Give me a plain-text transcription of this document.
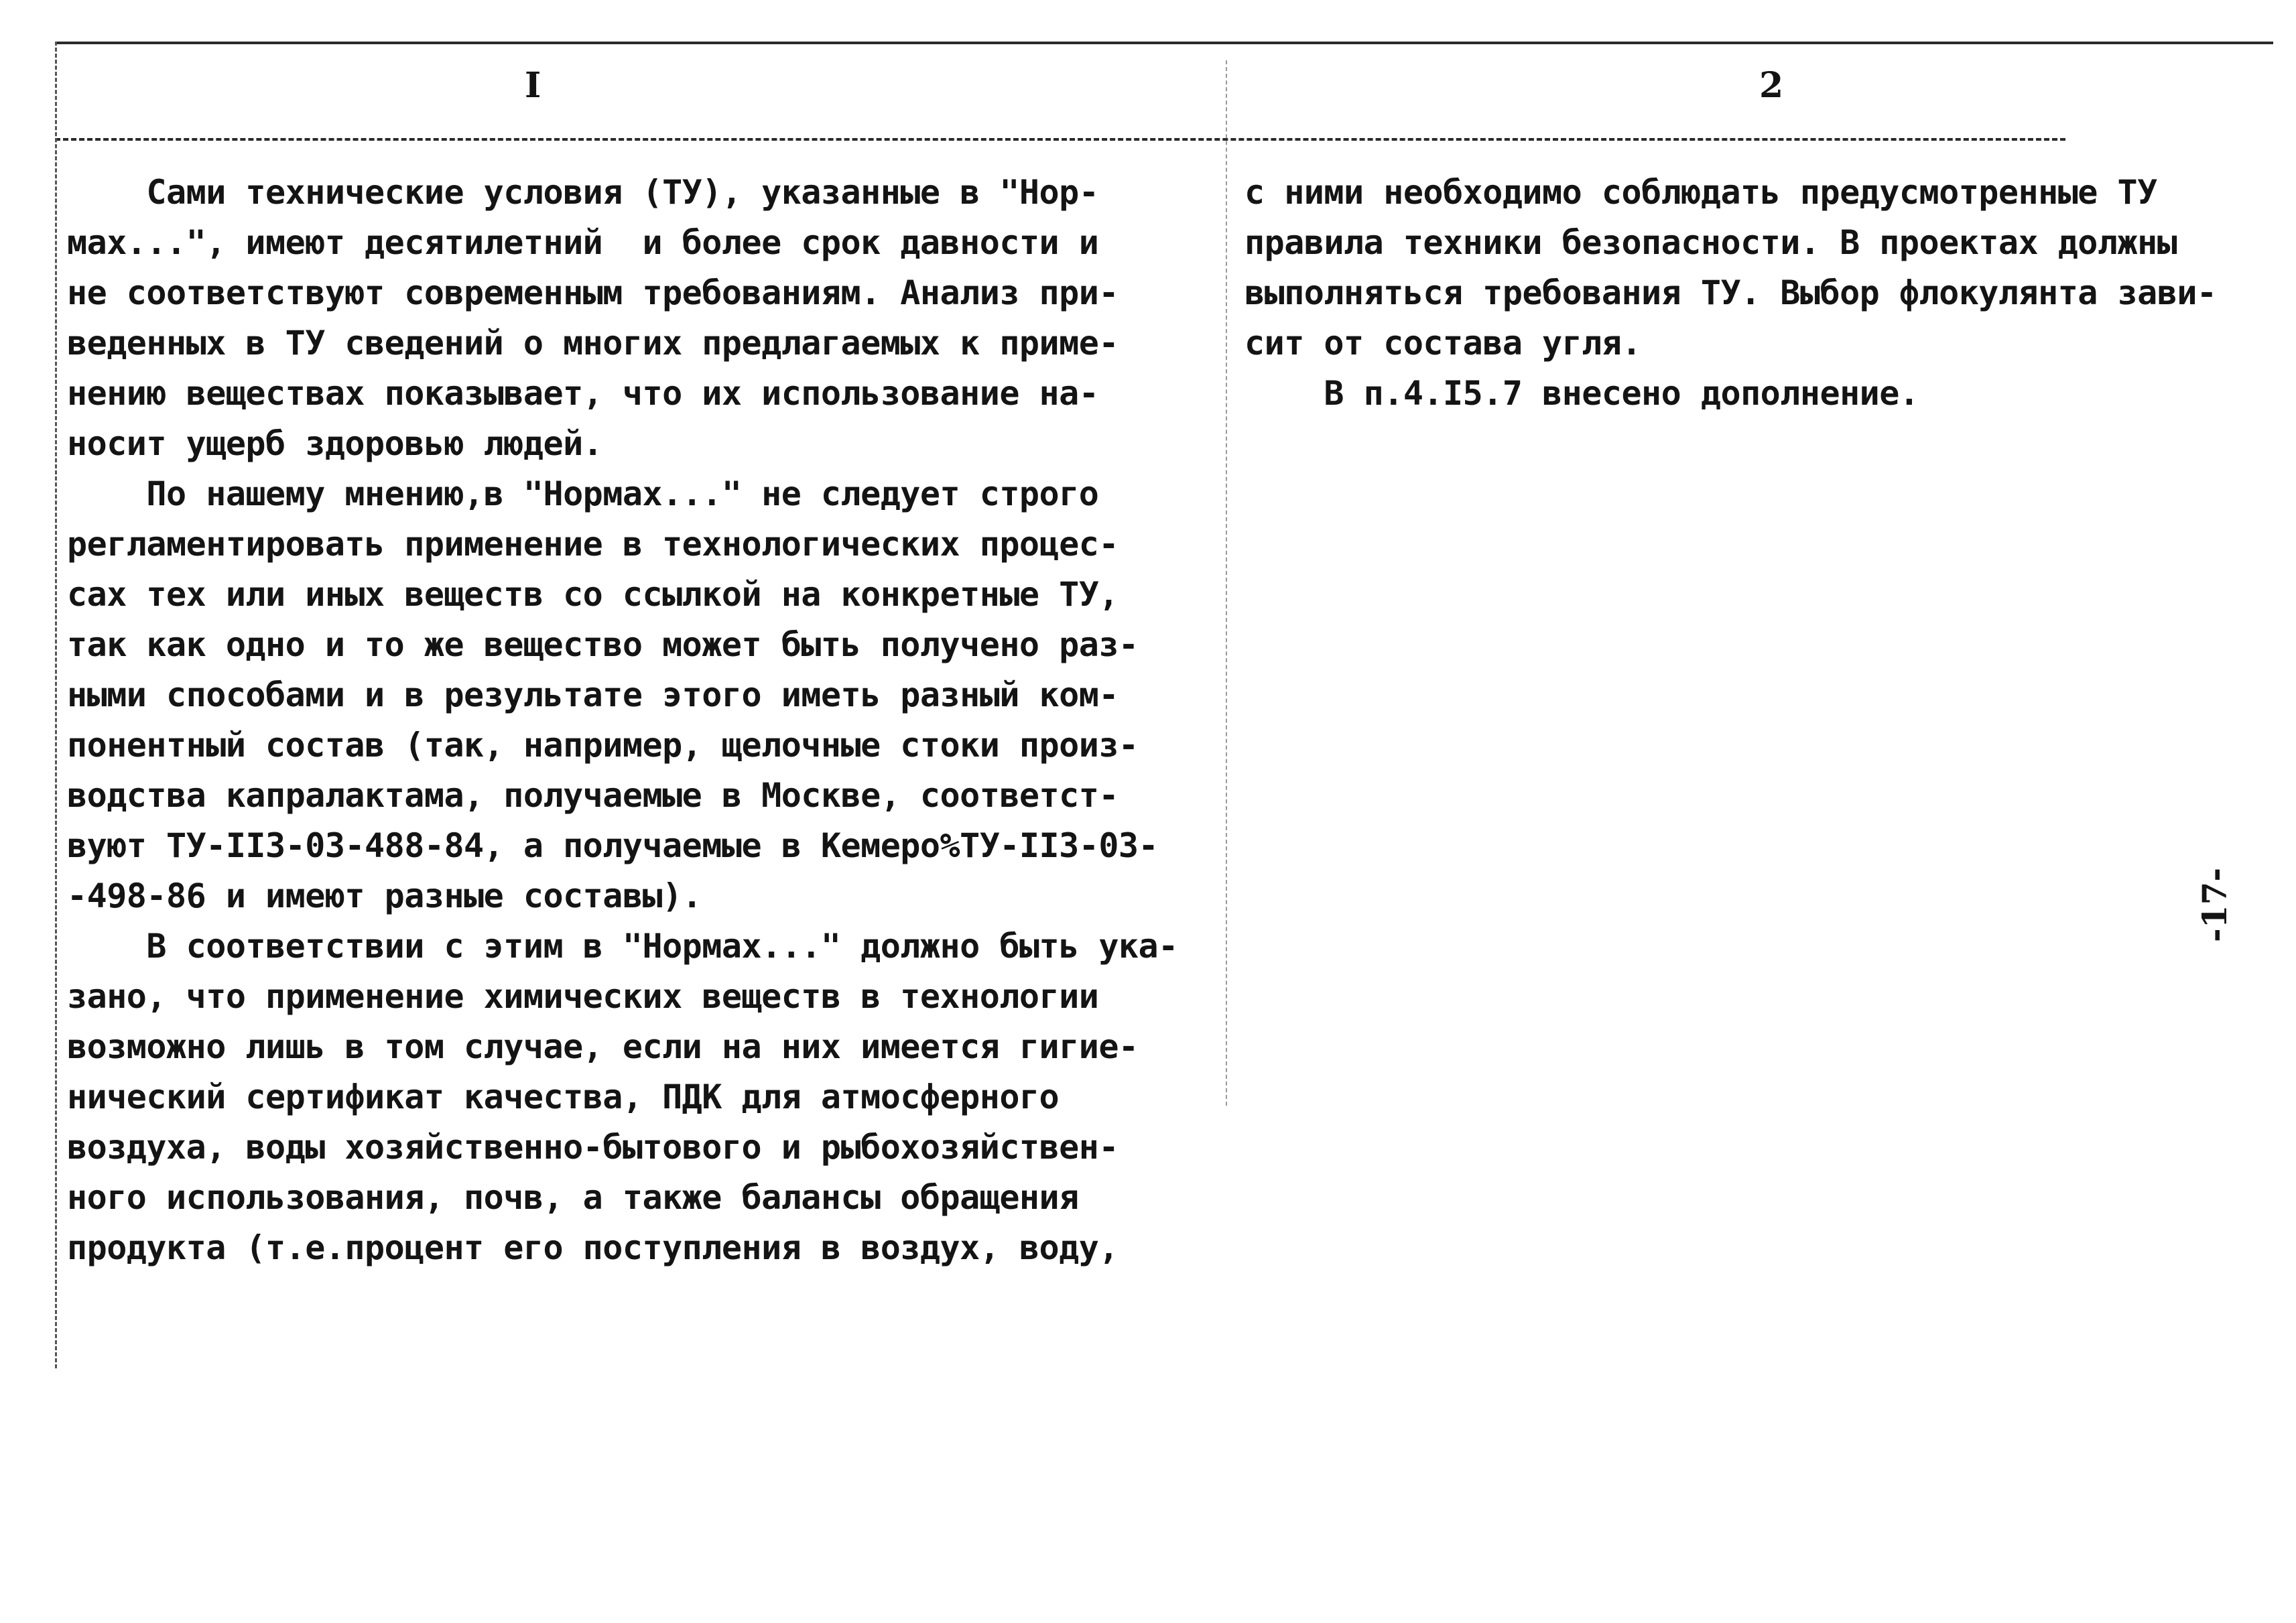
I	2
Сами технические условия (ТУ), указанные в "Нор-
мах...", имеют десятилетний  и более срок давности и
не соответствуют современным требованиям. Анализ при-
веденных в ТУ сведений о многих предлагаемых к приме-
нению веществах показывает, что их использование на-
носит ущерб здоровью людей.
По нашему мнению,в "Нормах..." не следует строго
регламентировать применение в технологических процес-
сах тех или иных веществ со ссылкой на конкретные ТУ,
так как одно и то же вещество может быть получено раз-
ными способами и в результате этого иметь разный ком-
понентный состав (так, например, щелочные стоки произ-
водства капралактама, получаемые в Москве, соответст-
вуют ТУ-II3-03-488-84, а получаемые в Кемеро%ТУ-II3-03-
-498-86 и имеют разные составы).
В соответствии с этим в "Нормах..." должно быть ука-
зано, что применение химических веществ в технологии
возможно лишь в том случае, если на них имеется гигие-
нический сертификат качества, ПДК для атмосферного
воздуха, воды хозяйственно-бытового и рыбохозяйствен-
ного использования, почв, а также балансы обращения
продукта (т.е.процент его поступления в воздух, воду,
с ними необходимо соблюдать предусмотренные ТУ
правила техники безопасности. В проектах должны
выполняться требования ТУ. Выбор флокулянта зави-
сит от состава угля.
В п.4.I5.7 внесено дополнение.
-17-
